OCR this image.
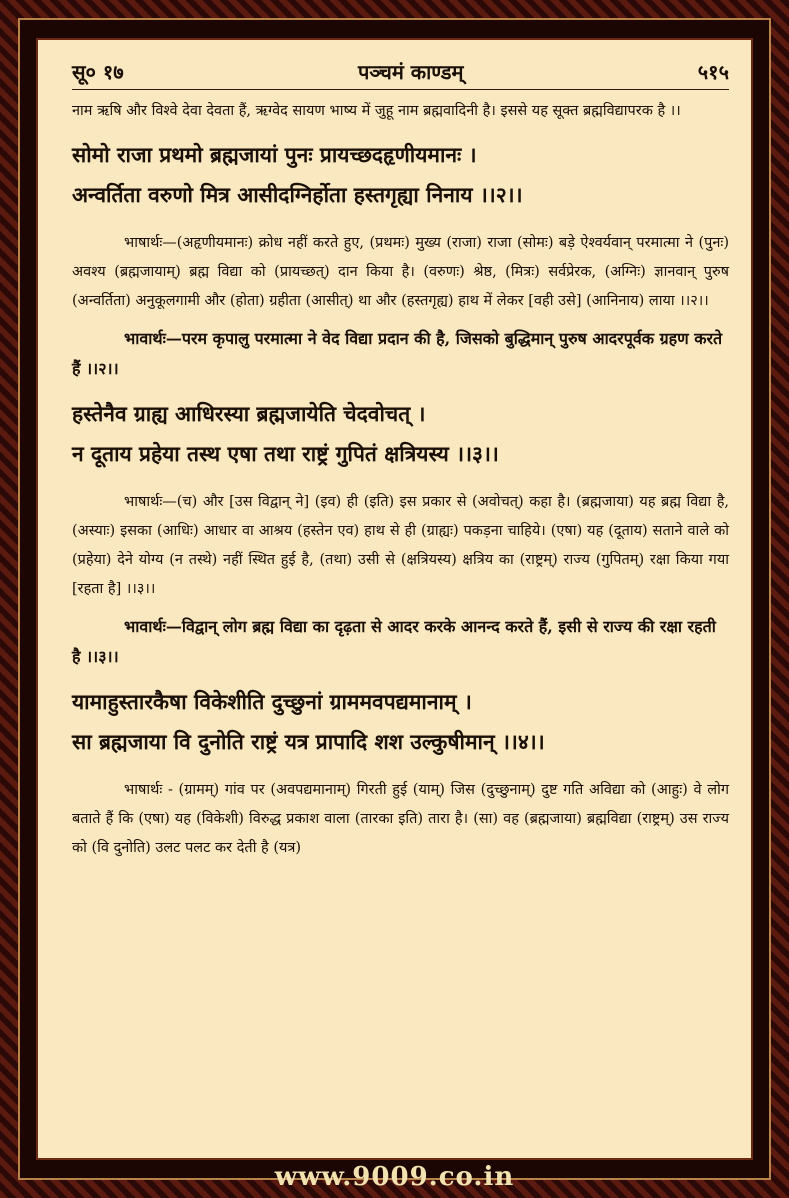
सू० १७	पञ्चमं काण्डम्	५१५

नाम ऋषि और विश्वे देवा देवता हैं, ऋग्वेद सायण भाष्य में जुहू नाम ब्रह्मवादिनी है। इससे यह सूक्त ब्रह्मविद्यापरक है ।।

सोमो राजा प्रथमो ब्रह्मजायां पुनः प्रायच्छदहृणीयमानः ।

अन्वर्तिता वरुणो मित्र आसीदग्निर्होता हस्तगृह्या निनाय ।।२।।

भाषार्थः—(अहृणीयमानः) क्रोध नहीं करते हुए, (प्रथमः) मुख्य (राजा) राजा (सोमः) बड़े ऐश्वर्यवान् परमात्मा ने (पुनः) अवश्य (ब्रह्मजायाम्) ब्रह्म विद्या को (प्रायच्छत्) दान किया है। (वरुणः) श्रेष्ठ, (मित्रः) सर्वप्रेरक, (अग्निः) ज्ञानवान् पुरुष (अन्वर्तिता) अनुकूलगामी और (होता) ग्रहीता (आसीत्) था और (हस्तगृह्य) हाथ में लेकर [वही उसे] (आनिनाय) लाया ।।२।।

भावार्थः—परम कृपालु परमात्मा ने वेद विद्या प्रदान की है, जिसको बुद्धिमान् पुरुष आदरपूर्वक ग्रहण करते हैं ।।२।।

हस्तेनैव ग्राह्य आधिरस्या ब्रह्मजायेति चेदवोचत् ।

न दूताय प्रहेया तस्थ एषा तथा राष्ट्रं गुपितं क्षत्रियस्य ।।३।।

भाषार्थः—(च) और [उस विद्वान् ने] (इव) ही (इति) इस प्रकार से (अवोचत्) कहा है। (ब्रह्मजाया) यह ब्रह्म विद्या है, (अस्याः) इसका (आधिः) आधार वा आश्रय (हस्तेन एव) हाथ से ही (ग्राह्यः) पकड़ना चाहिये। (एषा) यह (दूताय) सताने वाले को (प्रहेया) देने योग्य (न तस्थे) नहीं स्थित हुई है, (तथा) उसी से (क्षत्रियस्य) क्षत्रिय का (राष्ट्रम्) राज्य (गुपितम्) रक्षा किया गया [रहता है] ।।३।।

भावार्थः—विद्वान् लोग ब्रह्म विद्या का दृढ़ता से आदर करके आनन्द करते हैं, इसी से राज्य की रक्षा रहती है ।।३।।

यामाहुस्तारकैषा विकेशीति दुच्छुनां ग्राममवपद्यमानाम् ।

सा ब्रह्मजाया वि दुनोति राष्ट्रं यत्र प्रापादि शश उल्कुषीमान् ।।४।।

भाषार्थः - (ग्रामम्) गांव पर (अवपद्यमानाम्) गिरती हुई (याम्) जिस (दुच्छुनाम्) दुष्ट गति अविद्या को (आहुः) वे लोग बताते हैं कि (एषा) यह (विकेशी) विरुद्ध प्रकाश वाला (तारका इति) तारा है। (सा) वह (ब्रह्मजाया) ब्रह्मविद्या (राष्ट्रम्) उस राज्य को (वि दुनोति) उलट पलट कर देती है (यत्र)

www.9009.co.in
